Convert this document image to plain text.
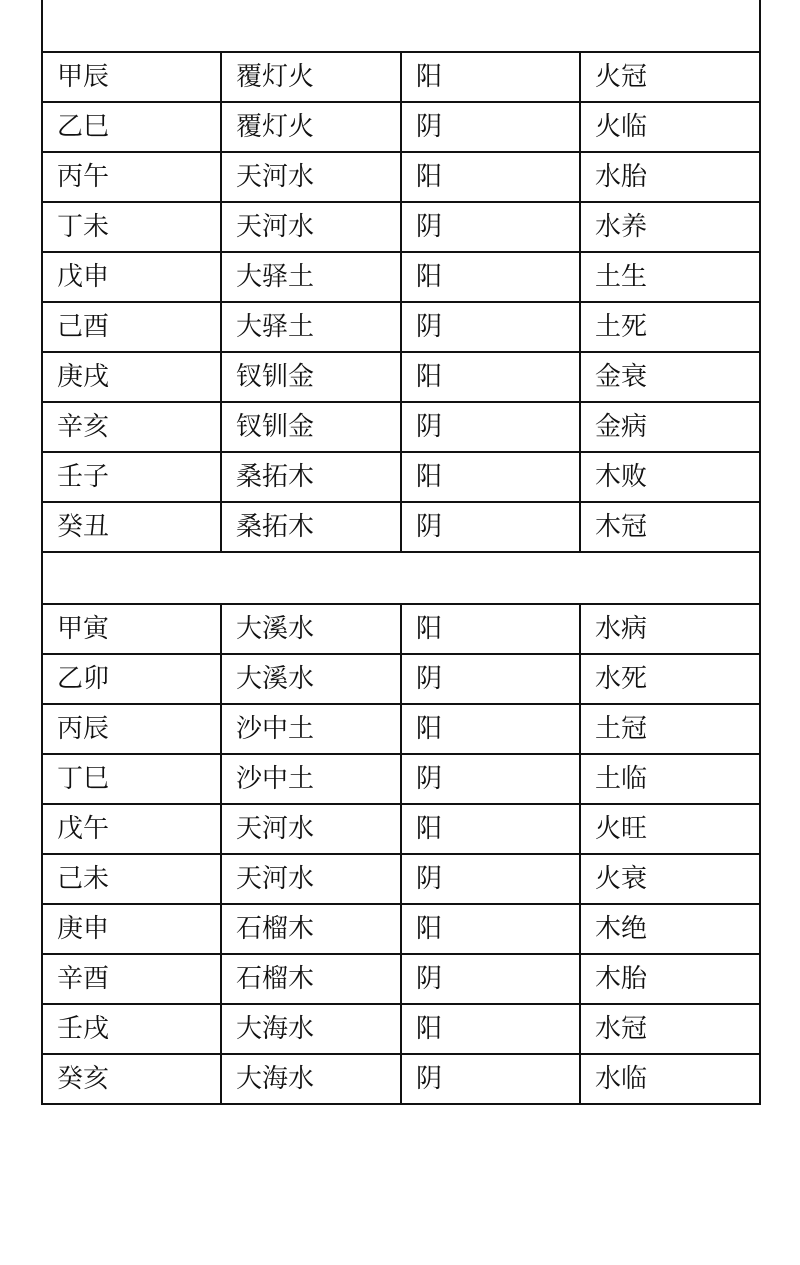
甲辰	覆灯火	阳	火冠
乙巳	覆灯火	阴	火临
丙午	天河水	阳	水胎
丁未	天河水	阴	水养
戊申	大驿土	阳	土生
己酉	大驿土	阴	土死
庚戌	钗钏金	阳	金衰
辛亥	钗钏金	阴	金病
壬子	桑拓木	阳	木败
癸丑	桑拓木	阴	木冠

甲寅	大溪水	阳	水病
乙卯	大溪水	阴	水死
丙辰	沙中土	阳	土冠
丁巳	沙中土	阴	土临
戊午	天河水	阳	火旺
己未	天河水	阴	火衰
庚申	石榴木	阳	木绝
辛酉	石榴木	阴	木胎
壬戌	大海水	阳	水冠
癸亥	大海水	阴	水临
